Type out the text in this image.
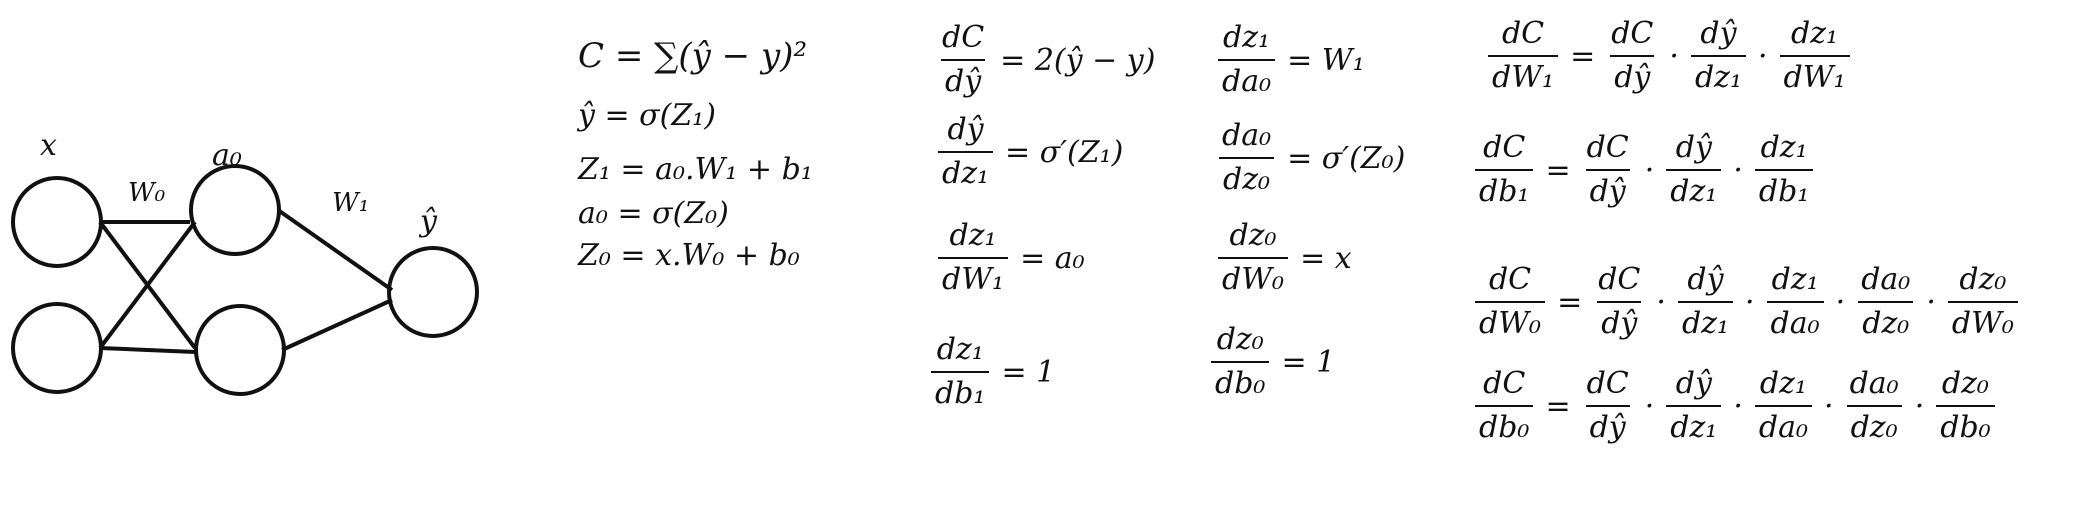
x
W₀
a₀
W₁
ŷ
C = ∑(ŷ − y)²
ŷ = σ(Z₁)
Z₁ = a₀.W₁ + b₁
a₀ = σ(Z₀)
Z₀ = x.W₀ + b₀
$\frac{dC}{dŷ}$ = 2(ŷ − y)
$\frac{dŷ}{\text{dz₁}} = \sigma'(Z_1)$
$\frac{\text{dz₁}}{\text{dW₁}} = a_0$
$\frac{\text{dz₁}}{\text{db₁}} = 1$
$\frac{\text{dz₁}}{\text{da₀}} = W_1$
$\frac{\text{da₀}}{\text{dz₀}} = \sigma'(Z_0)$
$\frac{\text{dz₀}}{\text{dW₀}} = x$
$\frac{\text{dz₀}}{\text{db₀}} = 1$
$\frac{dC}{\text{dW₁}} = \frac{dC}{dŷ} \cdot \frac{dŷ}{\text{dz₁}} \cdot \frac{\text{dz₁}}{\text{dW₁}}$
$\frac{dC}{\text{db₁}} = \frac{dC}{dŷ} \cdot \frac{dŷ}{\text{dz₁}} \cdot \frac{\text{dz₁}}{\text{db₁}}$
$\frac{dC}{\text{dW₀}} = \frac{dC}{dŷ} \cdot \frac{dŷ}{\text{dz₁}} \cdot \frac{\text{dz₁}}{\text{da₀}} \cdot \frac{\text{da₀}}{\text{dz₀}} \cdot \frac{\text{dz₀}}{\text{dW₀}}$
$\frac{dC}{\text{db₀}} = \frac{dC}{dŷ} \cdot \frac{dŷ}{\text{dz₁}} \cdot \frac{\text{dz₁}}{\text{da₀}} \cdot \frac{\text{da₀}}{\text{dz₀}} \cdot \frac{\text{dz₀}}{\text{db₀}}$
